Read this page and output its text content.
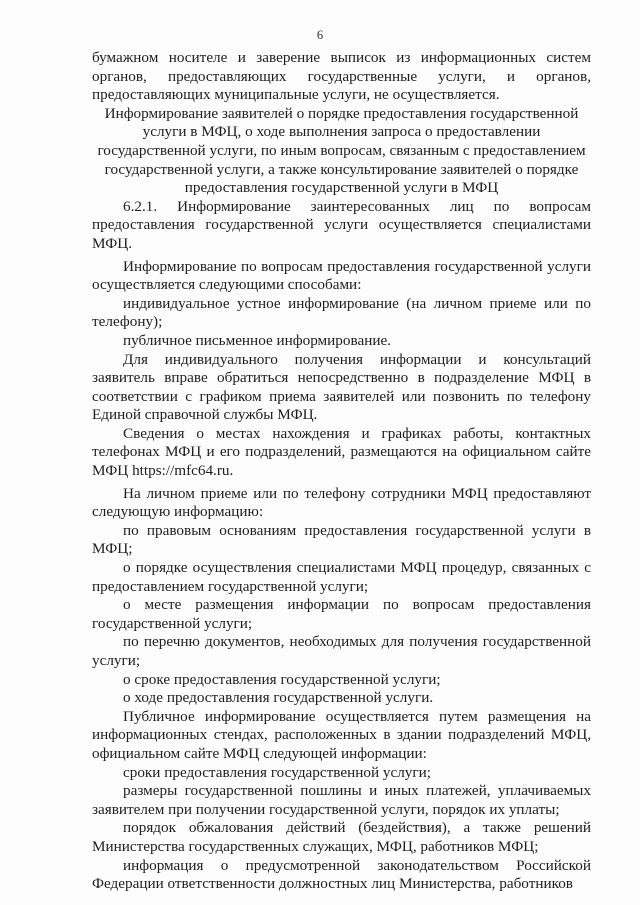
6

бумажном носителе и заверение выписок из информационных систем органов, предоставляющих государственные услуги, и органов, предоставляющих муниципальные услуги, не осуществляется.

Информирование заявителей о порядке предоставления государственной услуги в МФЦ, о ходе выполнения запроса о предоставлении государственной услуги, по иным вопросам, связанным с предоставлением государственной услуги, а также консультирование заявителей о порядке предоставления государственной услуги в МФЦ

6.2.1. Информирование заинтересованных лиц по вопросам предоставления государственной услуги осуществляется специалистами МФЦ.

Информирование по вопросам предоставления государственной услуги осуществляется следующими способами:

индивидуальное устное информирование (на личном приеме или по телефону);

публичное письменное информирование.

Для индивидуального получения информации и консультаций заявитель вправе обратиться непосредственно в подразделение МФЦ в соответствии с графиком приема заявителей или позвонить по телефону Единой справочной службы МФЦ.

Сведения о местах нахождения и графиках работы, контактных телефонах МФЦ и его подразделений, размещаются на официальном сайте МФЦ https://mfc64.ru.

На личном приеме или по телефону сотрудники МФЦ предоставляют следующую информацию:

по правовым основаниям предоставления государственной услуги в МФЦ;

о порядке осуществления специалистами МФЦ процедур, связанных с предоставлением государственной услуги;

о месте размещения информации по вопросам предоставления государственной услуги;

по перечню документов, необходимых для получения государственной услуги;

о сроке предоставления государственной услуги;

о ходе предоставления государственной услуги.

Публичное информирование осуществляется путем размещения на информационных стендах, расположенных в здании подразделений МФЦ, официальном сайте МФЦ следующей информации:

сроки предоставления государственной услуги;

размеры государственной пошлины и иных платежей, уплачиваемых заявителем при получении государственной услуги, порядок их уплаты;

порядок обжалования действий (бездействия), а также решений Министерства государственных служащих, МФЦ, работников МФЦ;

информация о предусмотренной законодательством Российской Федерации ответственности должностных лиц Министерства, работников
